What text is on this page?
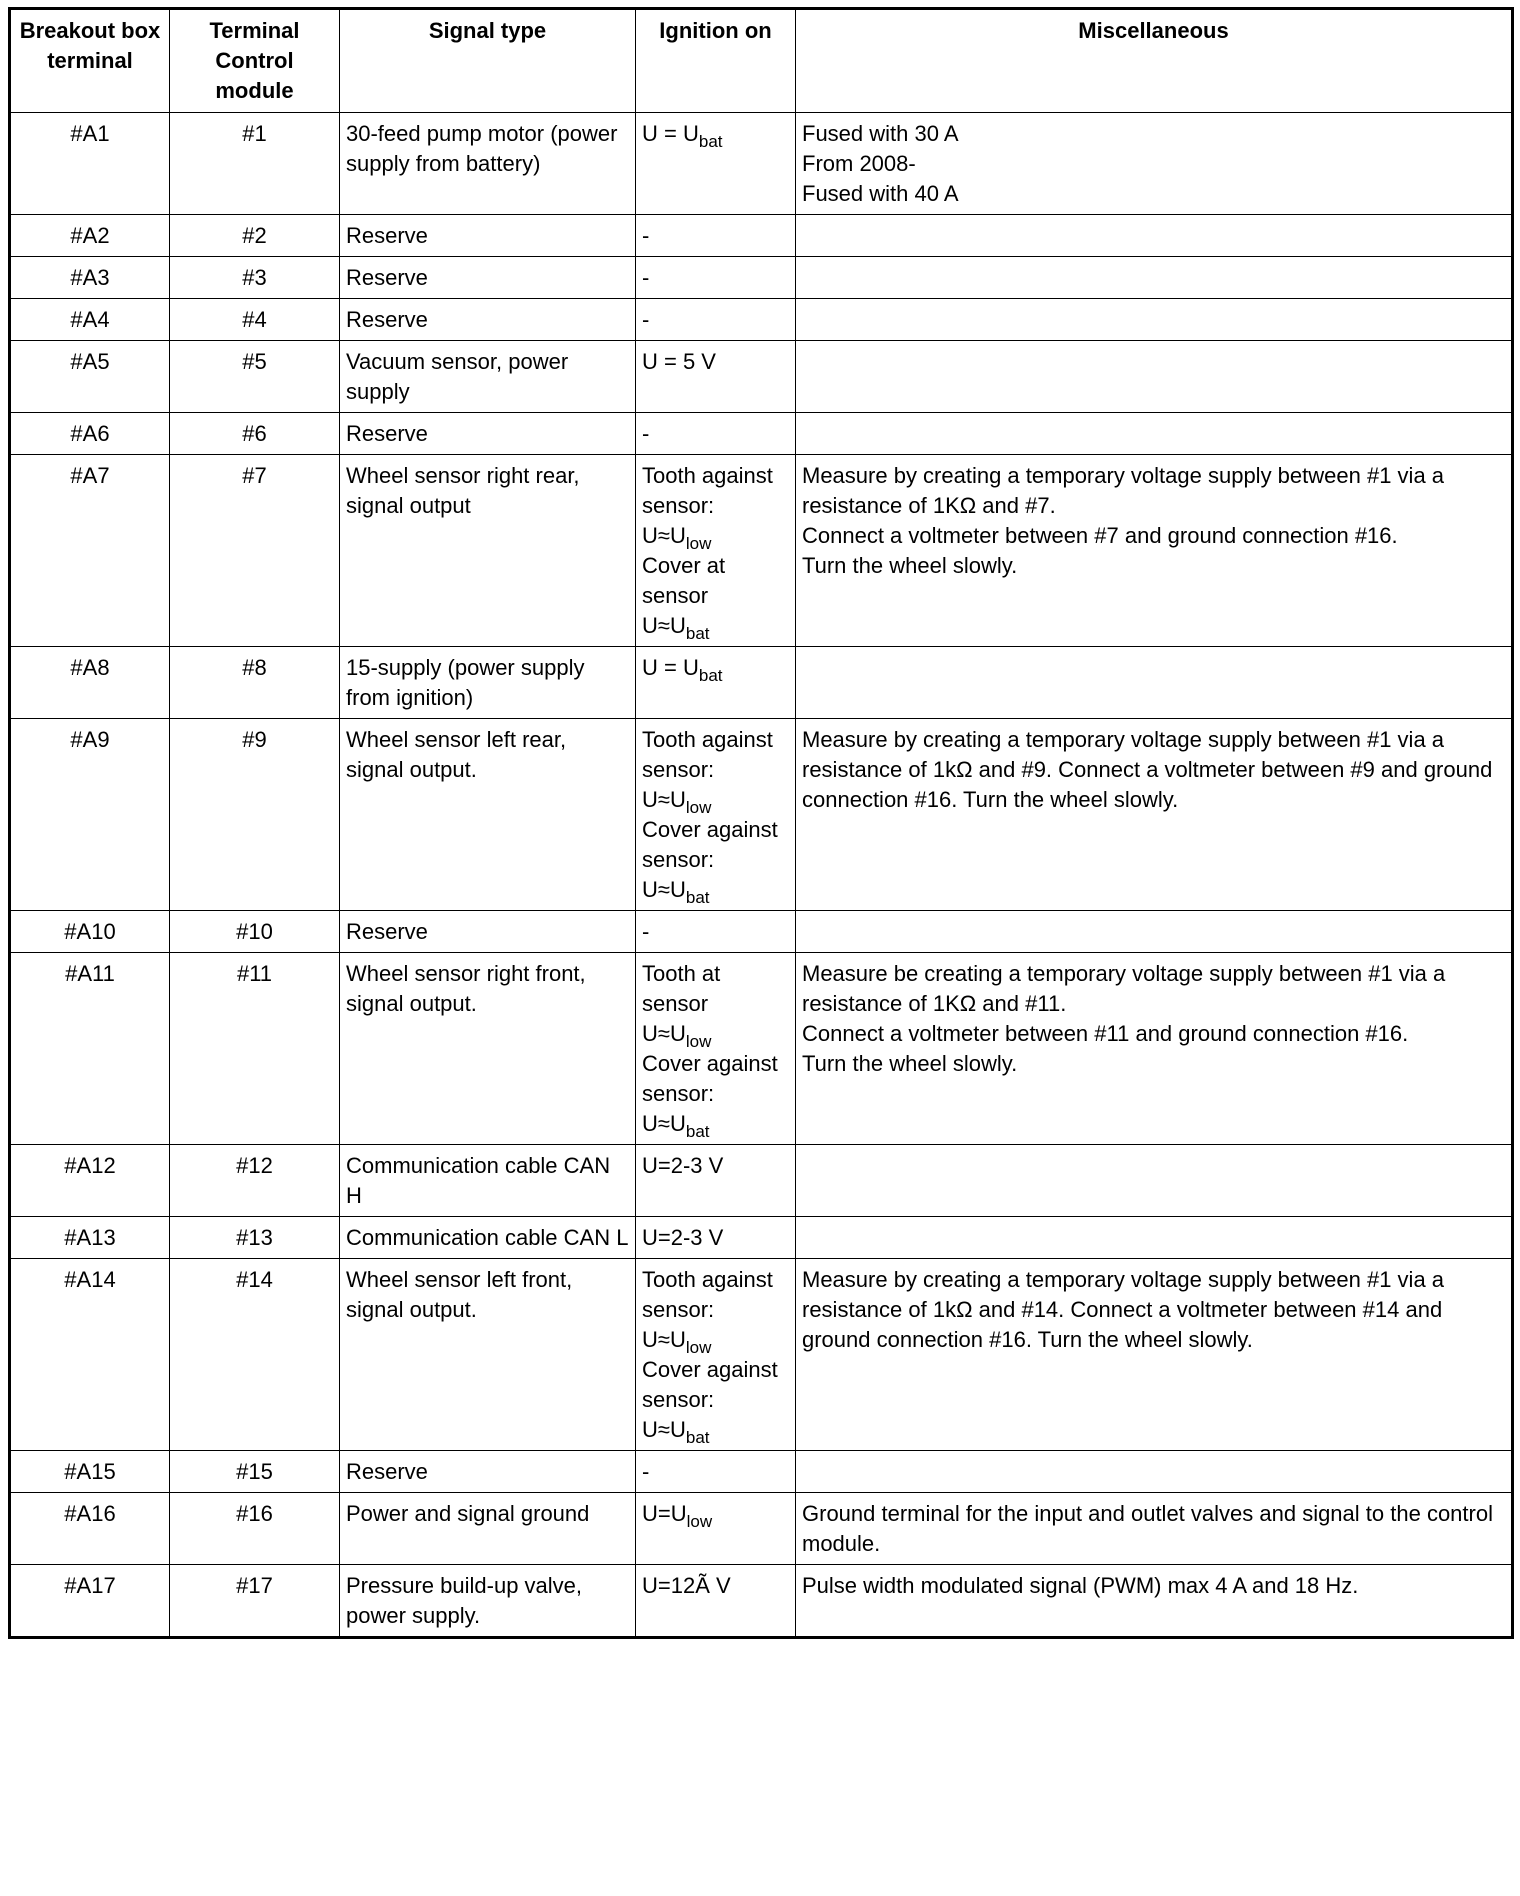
Breakout box terminal	Terminal Control module	Signal type	Ignition on	Miscellaneous
#A1	#1	30-feed pump motor (power supply from battery)	$U = U_{bat}$	Fused with 30 A
From 2008-
Fused with 40 A

#A2	#2	Reserve	-	

#A3	#3	Reserve	-	

#A4	#4	Reserve	-	

#A5	#5	Vacuum sensor, power supply	U = 5 V	

#A6	#6	Reserve	-	

#A7	#7	Wheel sensor right rear, signal output	Tooth against sensor:
$U\approx U_{low}$
Cover at sensor
$U\approx U_{bat}$	Measure by creating a temporary voltage supply between #1 via a resistance of 1KΩ and #7.
Connect a voltmeter between #7 and ground connection #16.
Turn the wheel slowly.

#A8	#8	15-supply (power supply from ignition)	$U = U_{bat}$

#A9	#9	Wheel sensor left rear, signal output.	Tooth against sensor:
$U\approx U_{low}$
Cover against sensor:
$U\approx U_{bat}$	Measure by creating a temporary voltage supply between #1 via a resistance of 1kΩ and #9. Connect a voltmeter between #9 and ground connection #16. Turn the wheel slowly.

#A10	#10	Reserve	-	

#A11	#11	Wheel sensor right front, signal output.	Tooth at sensor
$U\approx U_{low}$
Cover against sensor:
$U\approx U_{bat}$	Measure be creating a temporary voltage supply between #1 via a resistance of 1KΩ and #11.
Connect a voltmeter between #11 and ground connection #16.
Turn the wheel slowly.

#A12	#12	Communication cable CAN H	U=2-3 V	

#A13	#13	Communication cable CAN L	U=2-3 V	

#A14	#14	Wheel sensor left front, signal output.	Tooth against sensor:
$U\approx U_{low}$
Cover against sensor:
$U\approx U_{bat}$	Measure by creating a temporary voltage supply between #1 via a resistance of 1kΩ and #14. Connect a voltmeter between #14 and ground connection #16. Turn the wheel slowly.

#A15	#15	Reserve	-	

#A16	#16	Power and signal ground	$U=U_{low}$	Ground terminal for the input and outlet valves and signal to the control module.

#A17	#17	Pressure build-up valve, power supply.	U=12Ã V	Pulse width modulated signal (PWM) max 4 A and 18 Hz.
